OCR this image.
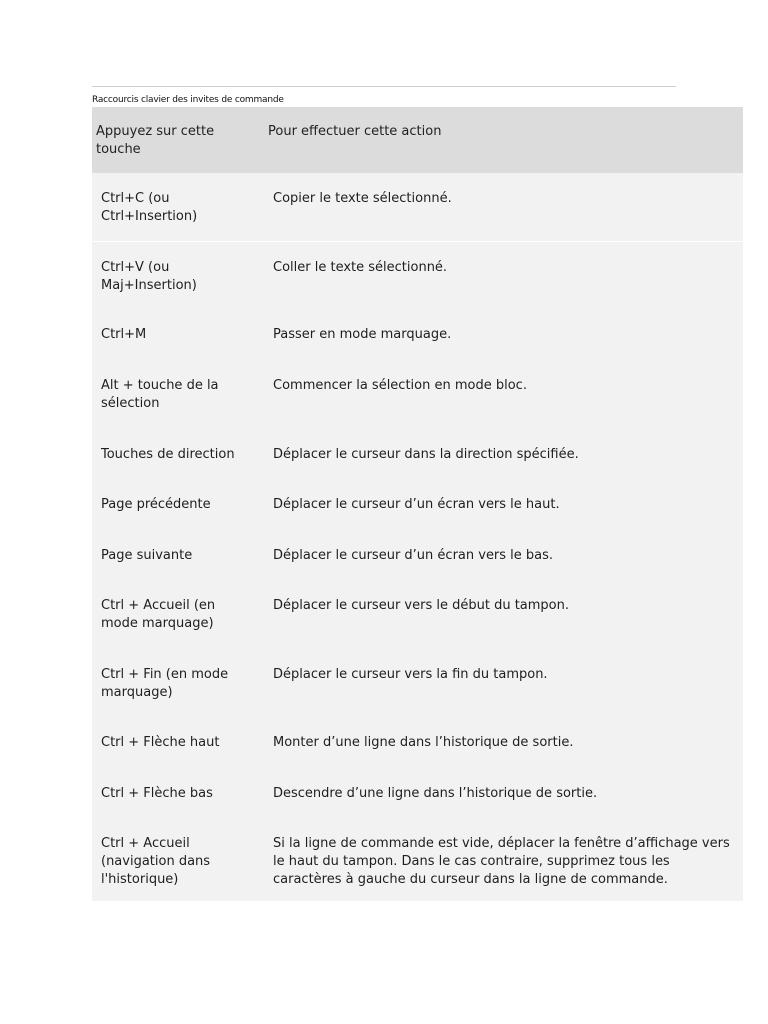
Raccourcis clavier des invites de commande
Appuyez sur cette touche	Pour effectuer cette action
Ctrl+C (ou Ctrl+Insertion)	Copier le texte sélectionné.
Ctrl+V (ou Maj+Insertion)	Coller le texte sélectionné.
Ctrl+M	Passer en mode marquage.
Alt + touche de la sélection	Commencer la sélection en mode bloc.
Touches de direction	Déplacer le curseur dans la direction spécifiée.
Page précédente	Déplacer le curseur d’un écran vers le haut.
Page suivante	Déplacer le curseur d’un écran vers le bas.
Ctrl + Accueil (en mode marquage)	Déplacer le curseur vers le début du tampon.
Ctrl + Fin (en mode marquage)	Déplacer le curseur vers la fin du tampon.
Ctrl + Flèche haut	Monter d’une ligne dans l’historique de sortie.
Ctrl + Flèche bas	Descendre d’une ligne dans l’historique de sortie.
Ctrl + Accueil (navigation dans l'historique)	Si la ligne de commande est vide, déplacer la fenêtre d’affichage vers le haut du tampon. Dans le cas contraire, supprimez tous les caractères à gauche du curseur dans la ligne de commande.
